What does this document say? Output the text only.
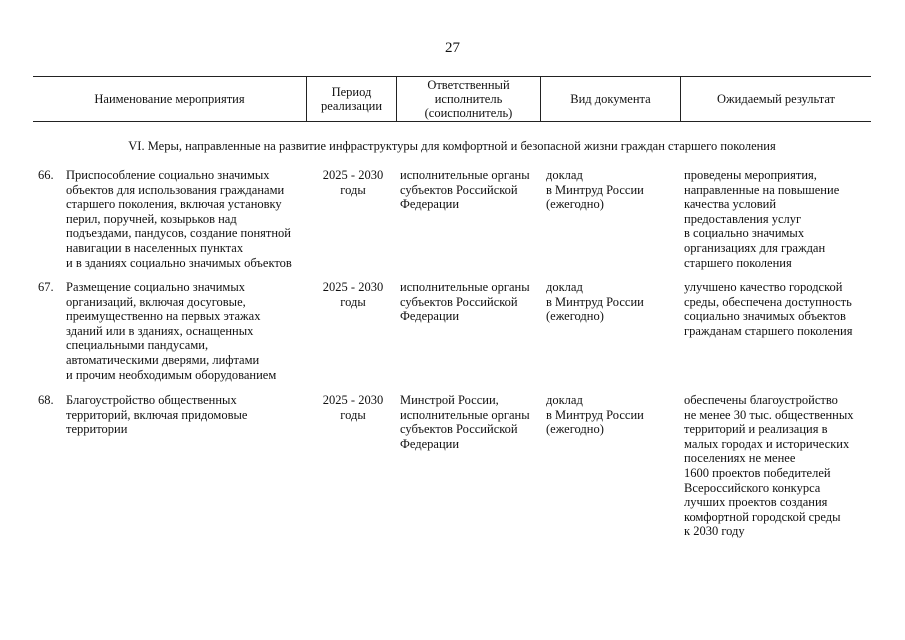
27
Наименование мероприятия	Период
реализации
Ответственный
исполнитель
(соисполнитель)
Вид документа	Ожидаемый результат
VI. Меры, направленные на развитие инфраструктуры для комфортной и безопасной жизни граждан старшего поколения
66. Приспособление социально значимых
объектов для использования гражданами
старшего поколения, включая установку
перил, поручней, козырьков над
подъездами, пандусов, создание понятной
навигации в населенных пунктах
и в зданиях социально значимых объектов
2025 - 2030
годы
исполнительные органы
субъектов Российской
Федерации
доклад
в Минтруд России
(ежегодно)
проведены мероприятия,
направленные на повышение
качества условий
предоставления услуг
в социально значимых
организациях для граждан
старшего поколения
67. Размещение социально значимых
организаций, включая досуговые,
преимущественно на первых этажах
зданий или в зданиях, оснащенных
специальными пандусами,
автоматическими дверями, лифтами
и прочим необходимым оборудованием
2025 - 2030
годы
исполнительные органы
субъектов Российской
Федерации
доклад
в Минтруд России
(ежегодно)
улучшено качество городской
среды, обеспечена доступность
социально значимых объектов
гражданам старшего поколения
68. Благоустройство общественных
территорий, включая придомовые
территории
2025 - 2030
годы
Минстрой России,
исполнительные органы
субъектов Российской
Федерации
доклад
в Минтруд России
(ежегодно)
обеспечены благоустройство
не менее 30 тыс. общественных
территорий и реализация в
малых городах и исторических
поселениях не менее
1600 проектов победителей
Всероссийского конкурса
лучших проектов создания
комфортной городской среды
к 2030 году
